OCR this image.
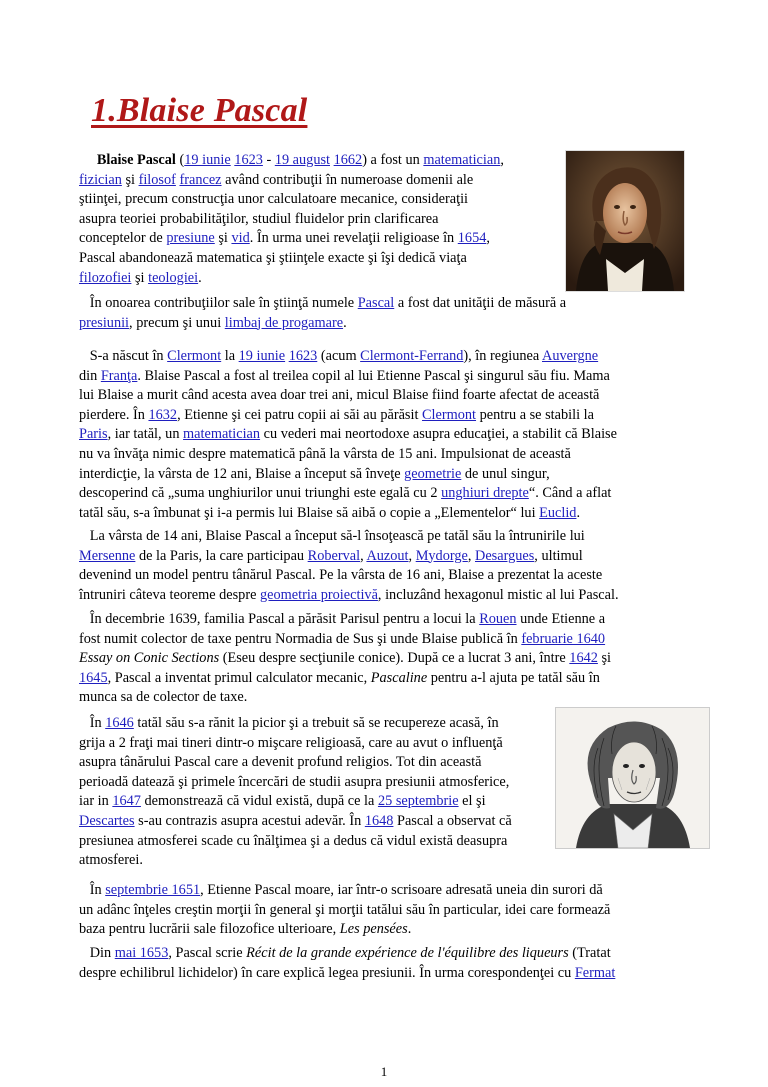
1.Blaise Pascal
Blaise Pascal (19 iunie 1623 - 19 august 1662) a fost un matematician,
fizician şi filosof francez având contribuţii în numeroase domenii ale
ştiinţei, precum construcţia unor calculatoare mecanice, consideraţii
asupra teoriei probabilităţilor, studiul fluidelor prin clarificarea
conceptelor de presiune şi vid. În urma unei revelaţii religioase în 1654,
Pascal abandonează matematica şi ştiinţele exacte şi îşi dedică viaţa
filozofiei şi teologiei.
În onoarea contribuţiilor sale în ştiinţă numele Pascal a fost dat unităţii de măsură a
presiunii, precum şi unui limbaj de progamare.
S-a născut în Clermont la 19 iunie 1623 (acum Clermont-Ferrand), în regiunea Auvergne
din Franţa. Blaise Pascal a fost al treilea copil al lui Etienne Pascal şi singurul său fiu. Mama
lui Blaise a murit când acesta avea doar trei ani, micul Blaise fiind foarte afectat de această
pierdere. În 1632, Etienne şi cei patru copii ai săi au părăsit Clermont pentru a se stabili la
Paris, iar tatăl, un matematician cu vederi mai neortodoxe asupra educaţiei, a stabilit că Blaise
nu va învăţa nimic despre matematică până la vârsta de 15 ani. Impulsionat de această
interdicţie, la vârsta de 12 ani, Blaise a început să înveţe geometrie de unul singur,
descoperind că „suma unghiurilor unui triunghi este egală cu 2 unghiuri drepte“. Când a aflat
tatăl său, s-a îmbunat şi i-a permis lui Blaise să aibă o copie a „Elementelor“ lui Euclid.
La vârsta de 14 ani, Blaise Pascal a început să-l însoţească pe tatăl său la întrunirile lui
Mersenne de la Paris, la care participau Roberval, Auzout, Mydorge, Desargues, ultimul
devenind un model pentru tânărul Pascal. Pe la vârsta de 16 ani, Blaise a prezentat la aceste
întruniri câteva teoreme despre geometria proiectivă, incluzând hexagonul mistic al lui Pascal.
În decembrie 1639, familia Pascal a părăsit Parisul pentru a locui la Rouen unde Etienne a
fost numit colector de taxe pentru Normadia de Sus şi unde Blaise publică în februarie 1640
Essay on Conic Sections (Eseu despre secţiunile conice). După ce a lucrat 3 ani, între 1642 şi
1645, Pascal a inventat primul calculator mecanic, Pascaline pentru a-l ajuta pe tatăl său în
munca sa de colector de taxe.
În 1646 tatăl său s-a rănit la picior şi a trebuit să se recupereze acasă, în
grija a 2 fraţi mai tineri dintr-o mişcare religioasă, care au avut o influenţă
asupra tânărului Pascal care a devenit profund religios. Tot din această
perioadă datează şi primele încercări de studii asupra presiunii atmosferice,
iar in 1647 demonstrează că vidul există, după ce la 25 septembrie el şi
Descartes s-au contrazis asupra acestui adevăr. În 1648 Pascal a observat că
presiunea atmosferei scade cu înălţimea şi a dedus că vidul există deasupra
atmosferei.
În septembrie 1651, Etienne Pascal moare, iar într-o scrisoare adresată uneia din surori dă
un adânc înţeles creştin morţii în general şi morţii tatălui său în particular, idei care formează
baza pentru lucrării sale filozofice ulterioare, Les pensées.
Din mai 1653, Pascal scrie Récit de la grande expérience de l'équilibre des liqueurs (Tratat
despre echilibrul lichidelor) în care explică legea presiunii. În urma corespondenţei cu Fermat
1
